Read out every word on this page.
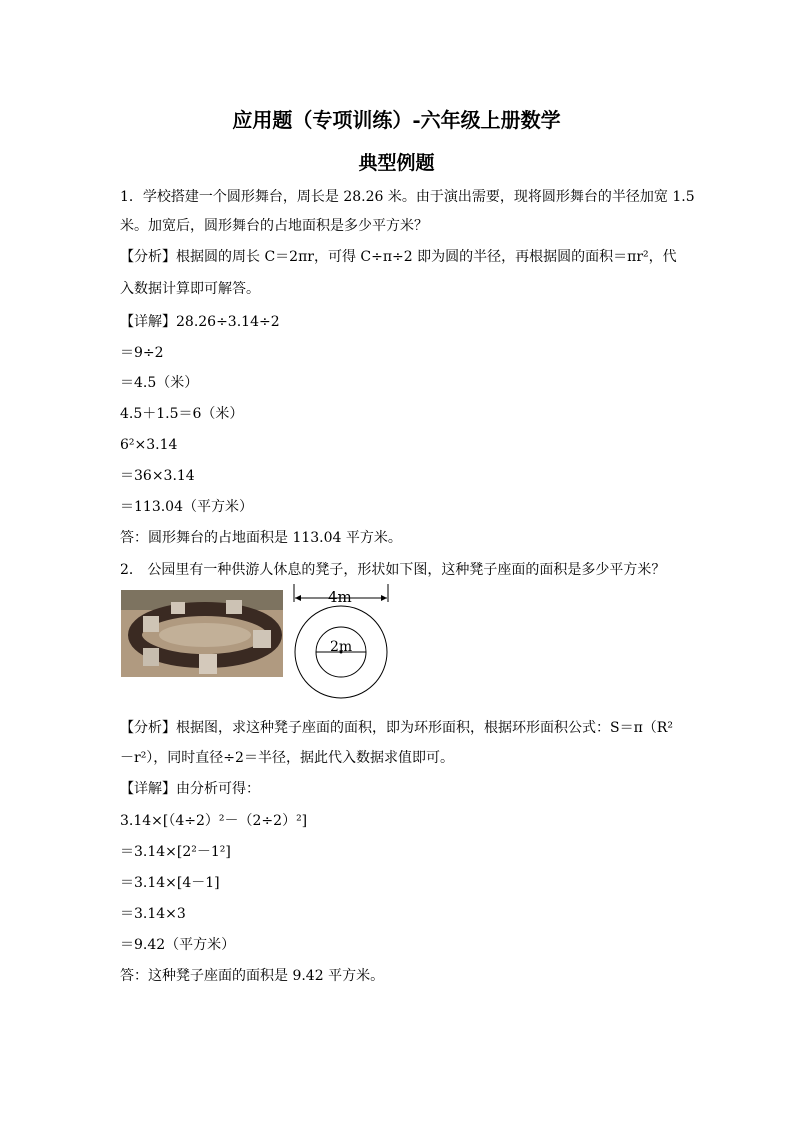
应用题（专项训练）-六年级上册数学
典型例题
1．学校搭建一个圆形舞台，周长是 28.26 米。由于演出需要，现将圆形舞台的半径加宽 1.5
米。加宽后，圆形舞台的占地面积是多少平方米？
【分析】根据圆的周长 C＝2πr，可得 C÷π÷2 即为圆的半径，再根据圆的面积＝πr²，代
入数据计算即可解答。
【详解】28.26÷3.14÷2
＝9÷2
＝4.5（米）
4.5＋1.5＝6（米）
6²×3.14
＝36×3.14
＝113.04（平方米）
答：圆形舞台的占地面积是 113.04 平方米。
2． 公园里有一种供游人休息的凳子，形状如下图，这种凳子座面的面积是多少平方米？
4m
2m
【分析】根据图，求这种凳子座面的面积，即为环形面积，根据环形面积公式：S＝π（R²
－r²），同时直径÷2＝半径，据此代入数据求值即可。
【详解】由分析可得：
3.14×[（4÷2）²－（2÷2）²]
＝3.14×[2²－1²]
＝3.14×[4－1]
＝3.14×3
＝9.42（平方米）
答：这种凳子座面的面积是 9.42 平方米。
